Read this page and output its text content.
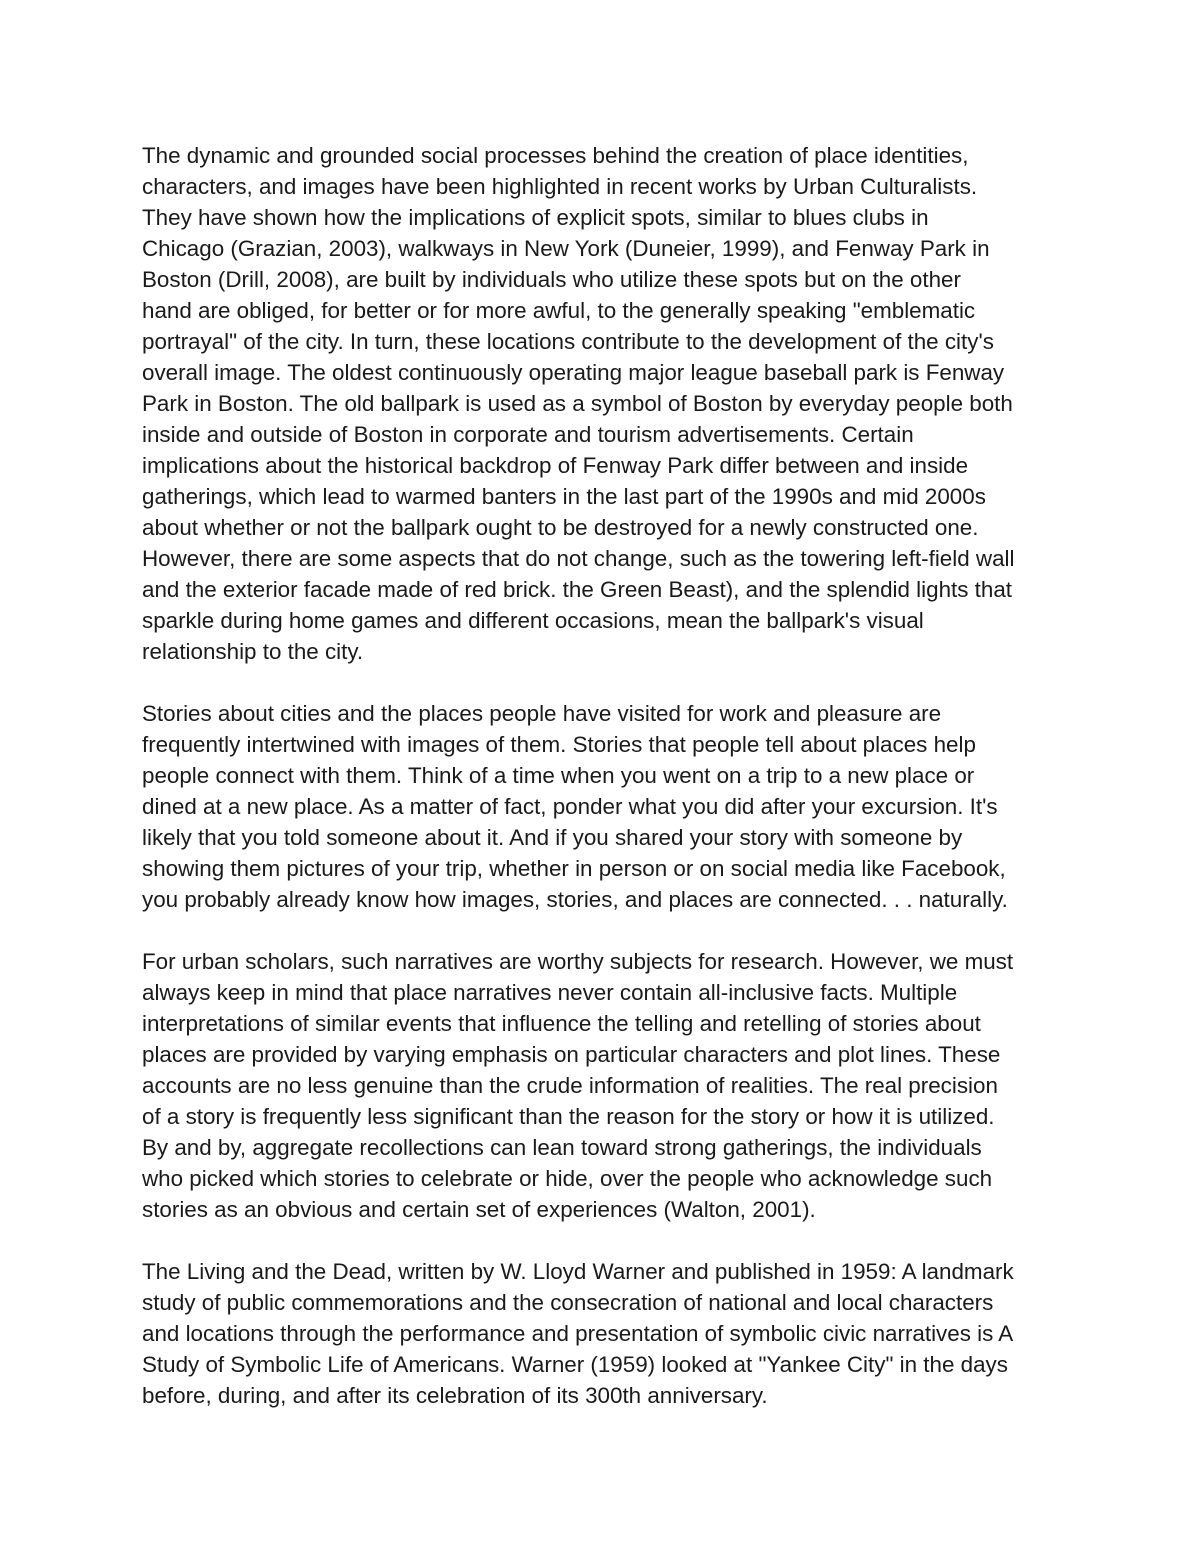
The dynamic and grounded social processes behind the creation of place identities,
characters, and images have been highlighted in recent works by Urban Culturalists.
They have shown how the implications of explicit spots, similar to blues clubs in
Chicago (Grazian, 2003), walkways in New York (Duneier, 1999), and Fenway Park in
Boston (Drill, 2008), are built by individuals who utilize these spots but on the other
hand are obliged, for better or for more awful, to the generally speaking "emblematic
portrayal" of the city. In turn, these locations contribute to the development of the city's
overall image. The oldest continuously operating major league baseball park is Fenway
Park in Boston. The old ballpark is used as a symbol of Boston by everyday people both
inside and outside of Boston in corporate and tourism advertisements. Certain
implications about the historical backdrop of Fenway Park differ between and inside
gatherings, which lead to warmed banters in the last part of the 1990s and mid 2000s
about whether or not the ballpark ought to be destroyed for a newly constructed one.
However, there are some aspects that do not change, such as the towering left-field wall
and the exterior facade made of red brick. the Green Beast), and the splendid lights that
sparkle during home games and different occasions, mean the ballpark's visual
relationship to the city.
Stories about cities and the places people have visited for work and pleasure are
frequently intertwined with images of them. Stories that people tell about places help
people connect with them. Think of a time when you went on a trip to a new place or
dined at a new place. As a matter of fact, ponder what you did after your excursion. It's
likely that you told someone about it. And if you shared your story with someone by
showing them pictures of your trip, whether in person or on social media like Facebook,
you probably already know how images, stories, and places are connected. . . naturally.
For urban scholars, such narratives are worthy subjects for research. However, we must
always keep in mind that place narratives never contain all-inclusive facts. Multiple
interpretations of similar events that influence the telling and retelling of stories about
places are provided by varying emphasis on particular characters and plot lines. These
accounts are no less genuine than the crude information of realities. The real precision
of a story is frequently less significant than the reason for the story or how it is utilized.
By and by, aggregate recollections can lean toward strong gatherings, the individuals
who picked which stories to celebrate or hide, over the people who acknowledge such
stories as an obvious and certain set of experiences (Walton, 2001).
The Living and the Dead, written by W. Lloyd Warner and published in 1959: A landmark
study of public commemorations and the consecration of national and local characters
and locations through the performance and presentation of symbolic civic narratives is A
Study of Symbolic Life of Americans. Warner (1959) looked at "Yankee City" in the days
before, during, and after its celebration of its 300th anniversary.
